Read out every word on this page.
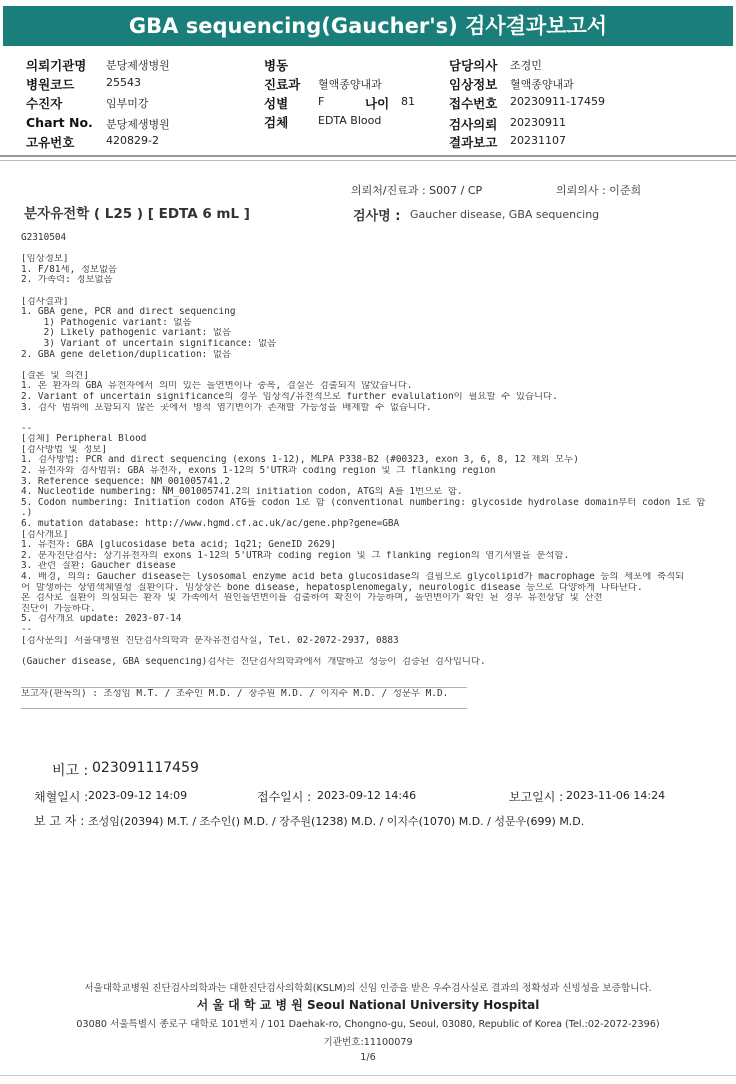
GBA sequencing(Gaucher's) 검사결과보고서
의뢰기관명 분당제생병원
병원코드	25543
수진자	임부미강
Chart No. 분당제생병원
고유번호	420829-2
병동
진료과 혈액종양내과
성별	F	나이 81
검체	EDTA Blood
담당의사 조경민
임상정보 혈액종양내과
접수번호 20230911-17459
검사의뢰 20230911
결과보고 20231107
의뢰처/진료과 : S007 / CP	의뢰의사 : 이준희
분자유전학 ( L25 ) [ EDTA 6 mL ]	검사명 : Gaucher disease, GBA sequencing
G2310504
[임상정보]
1. F/81세, 정보없음
2. 가족력: 정보없음
[검사결과]
1. GBA gene, PCR and direct sequencing
1) Pathogenic variant: 없음
2) Likely pathogenic variant: 없음
3) Variant of uncertain significance: 없음
2. GBA gene deletion/duplication: 없음
[결론 및 의견]
1. 본 환자의 GBA 유전자에서 의미 있는 돌연변이나 중복, 결실은 검출되지 않았습니다.
2. Variant of uncertain significance의 경우 임상적/유전적으로 further evalulation이 필요할 수 있습니다.
3. 검사 범위에 포함되지 않은 곳에서 병적 염기변이가 존재할 가능성을 배제할 수 없습니다.
--
[검체] Peripheral Blood
[검사방법 및 정보]
1. 검사방법: PCR and direct sequencing (exons 1-12), MLPA P338-B2 (#00323, exon 3, 6, 8, 12 제외 모두)
2. 유전자와 검사범위: GBA 유전자, exons 1-12의 5'UTR과 coding region 및 그 flanking region
3. Reference sequence: NM_001005741.2
4. Nucleotide numbering: NM_001005741.2의 initiation codon, ATG의 A를 1번으로 함.
5. Codon numbering: Initiation codon ATG를 codon 1로 함 (conventional numbering: glycoside hydrolase domain부터 codon 1로 함
.)
6. mutation database: http://www.hgmd.cf.ac.uk/ac/gene.php?gene=GBA
[검사개요]
1. 유전자: GBA [glucosidase beta acid; 1q21; GeneID 2629]
2. 분자진단검사: 상기유전자의 exons 1-12의 5'UTR과 coding region 및 그 flanking region의 염기서열을 분석함.
3. 관련 질환: Gaucher disease
4. 배경, 의의: Gaucher disease는 lysosomal enzyme acid beta glucosidase의 결핍으로 glycolipid가 macrophage 등의 세포에 축적되
어 발생하는 상염색체열성 질환이다. 임상상은 bone disease, hepatosplenomegaly, neurologic disease 등으로 다양하게 나타난다.
본 검사로 질환이 의심되는 환자 및 가족에서 원인돌연변이를 검출하여 확진이 가능하며, 돌연변이가 확인 된 경우 유전상담 및 산전
진단이 가능하다.
5. 검사개요 update: 2023-07-14
--
[검사문의] 서울대병원 진단검사의학과 분자유전검사실, Tel. 02-2072-2937, 0883
(Gaucher disease, GBA sequencing)검사는 진단검사의학과에서 개발하고 성능이 검증된 검사입니다.
_______________________________________________________________________________
보고자(판독의) : 조성임 M.T. / 조수인 M.D. / 장주원 M.D. / 이지수 M.D. / 성문우 M.D.
_______________________________________________________________________________
비고 : 023091117459
채혈일시 : 2023-09-12 14:09	접수일시 : 2023-09-12 14:46	보고일시 : 2023-11-06 14:24
보 고 자 : 조성임(20394) M.T. / 조수인() M.D. / 장주원(1238) M.D. / 이지수(1070) M.D. / 성문우(699) M.D.
서울대학교병원 진단검사의학과는 대한진단검사의학회(KSLM)의 신임 인증을 받은 우수검사실로 결과의 정확성과 신빙성을 보증합니다.
서 울 대 학 교 병 원 Seoul National University Hospital
03080 서울특별시 종로구 대학로 101번지 / 101 Daehak-ro, Chongno-gu, Seoul, 03080, Republic of Korea (Tel.:02-2072-2396)
기관번호:11100079
1/6
